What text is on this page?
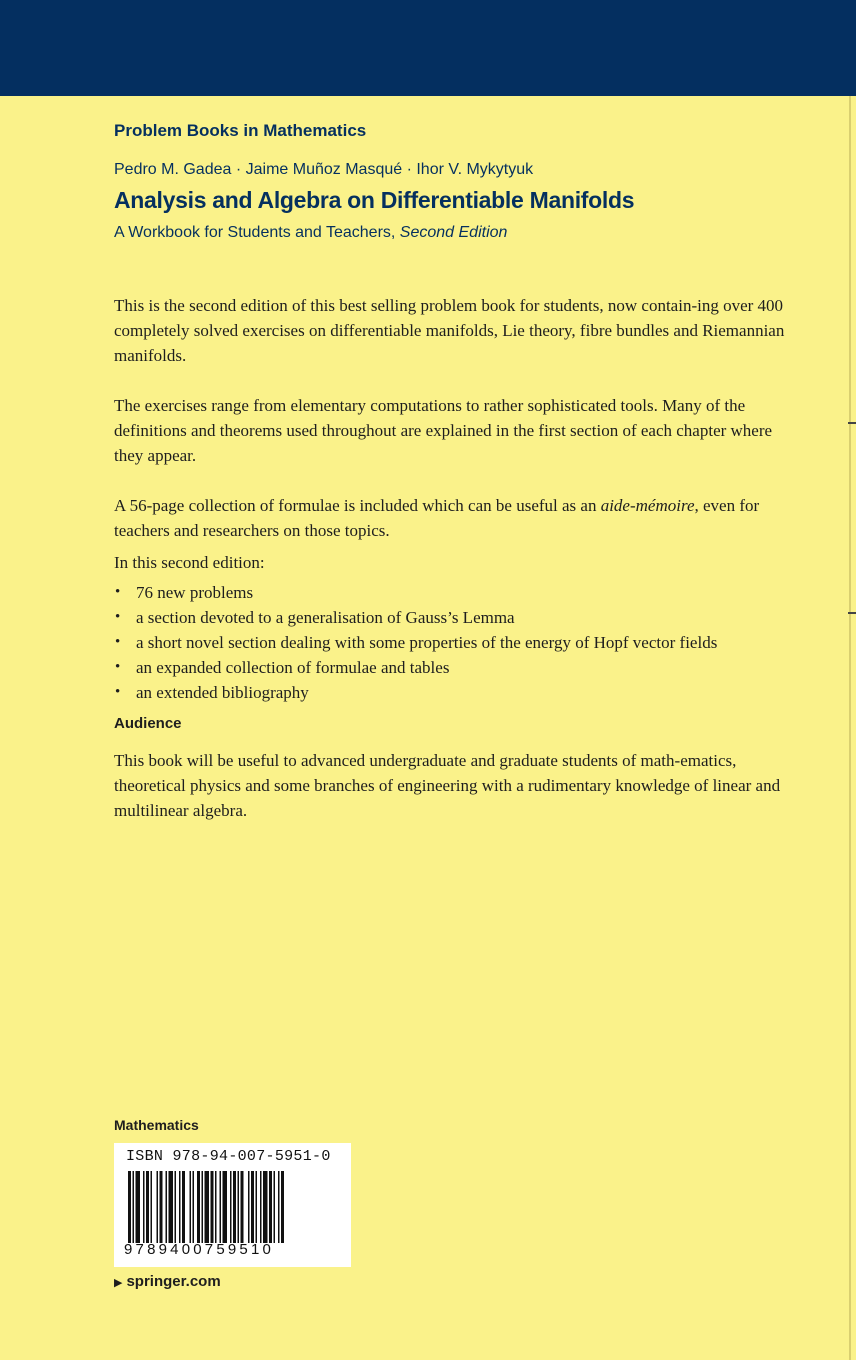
Problem Books in Mathematics
Pedro M. Gadea · Jaime Muñoz Masqué · Ihor V. Mykytyuk
Analysis and Algebra on Differentiable Manifolds
A Workbook for Students and Teachers, Second Edition

This is the second edition of this best selling problem book for students, now contain-ing over 400 completely solved exercises on differentiable manifolds, Lie theory, fibre bundles and Riemannian manifolds.

The exercises range from elementary computations to rather sophisticated tools. Many of the definitions and theorems used throughout are explained in the first section of each chapter where they appear.

A 56-page collection of formulae is included which can be useful as an aide-mémoire, even for teachers and researchers on those topics.

In this second edition:

• 76 new problems
• a section devoted to a generalisation of Gauss’s Lemma
• a short novel section dealing with some properties of the energy of Hopf vector fields
• an expanded collection of formulae and tables
• an extended bibliography
Audience

This book will be useful to advanced undergraduate and graduate students of math-ematics, theoretical physics and some branches of engineering with a rudimentary knowledge of linear and multilinear algebra.

Mathematics
ISBN 978-94-007-5951-0
9789400759510
▶ springer.com
